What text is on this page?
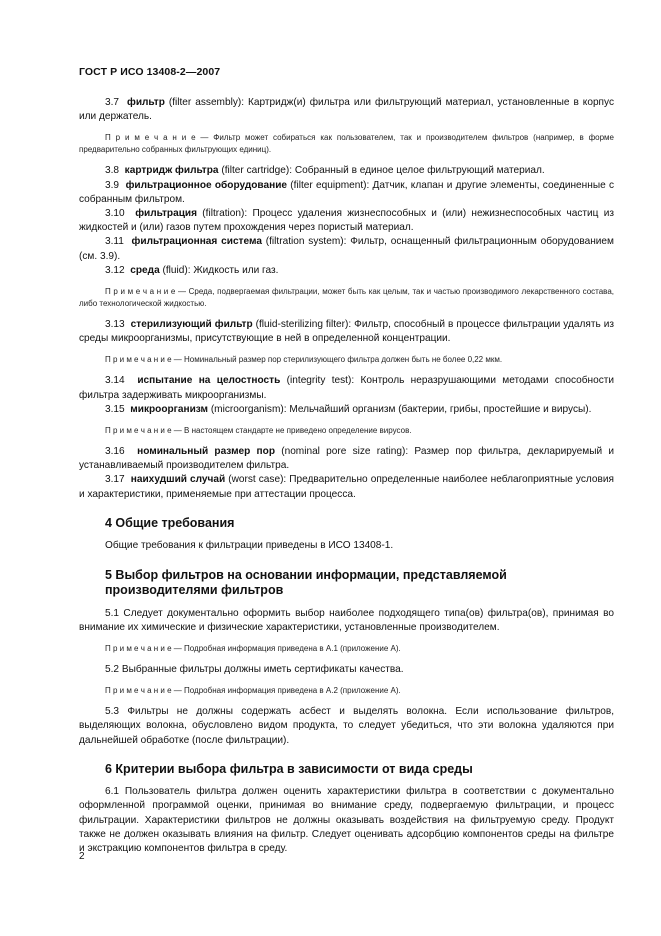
ГОСТ Р ИСО 13408-2—2007

3.7 фильтр (filter assembly): Картридж(и) фильтра или фильтрующий материал, установленные в корпус или держатель.

П р и м е ч а н и е — Фильтр может собираться как пользователем, так и производителем фильтров (например, в форме предварительно собранных фильтрующих единиц).

3.8 картридж фильтра (filter cartridge): Собранный в единое целое фильтрующий материал.

3.9 фильтрационное оборудование (filter equipment): Датчик, клапан и другие элементы, соединенные с собранным фильтром.

3.10 фильтрация (filtration): Процесс удаления жизнеспособных и (или) нежизнеспособных частиц из жидкостей и (или) газов путем прохождения через пористый материал.

3.11 фильтрационная система (filtration system): Фильтр, оснащенный фильтрационным оборудованием (см. 3.9).

3.12 среда (fluid): Жидкость или газ.

П р и м е ч а н и е — Среда, подвергаемая фильтрации, может быть как целым, так и частью производимого лекарственного состава, либо технологической жидкостью.

3.13 стерилизующий фильтр (fluid-sterilizing filter): Фильтр, способный в процессе фильтрации удалять из среды микроорганизмы, присутствующие в ней в определенной концентрации.

П р и м е ч а н и е — Номинальный размер пор стерилизующего фильтра должен быть не более 0,22 мкм.

3.14 испытание на целостность (integrity test): Контроль неразрушающими методами способности фильтра задерживать микроорганизмы.

3.15 микроорганизм (microorganism): Мельчайший организм (бактерии, грибы, простейшие и вирусы).

П р и м е ч а н и е — В настоящем стандарте не приведено определение вирусов.

3.16 номинальный размер пор (nominal pore size rating): Размер пор фильтра, декларируемый и устанавливаемый производителем фильтра.

3.17 наихудший случай (worst case): Предварительно определенные наиболее неблагоприятные условия и характеристики, применяемые при аттестации процесса.

4 Общие требования

Общие требования к фильтрации приведены в ИСО 13408-1.

5 Выбор фильтров на основании информации, представляемой производителями фильтров

5.1 Следует документально оформить выбор наиболее подходящего типа(ов) фильтра(ов), принимая во внимание их химические и физические характеристики, установленные производителем.

П р и м е ч а н и е — Подробная информация приведена в А.1 (приложение А).

5.2 Выбранные фильтры должны иметь сертификаты качества.

П р и м е ч а н и е — Подробная информация приведена в А.2 (приложение А).

5.3 Фильтры не должны содержать асбест и выделять волокна. Если использование фильтров, выделяющих волокна, обусловлено видом продукта, то следует убедиться, что эти волокна удаляются при дальнейшей обработке (после фильтрации).

6 Критерии выбора фильтра в зависимости от вида среды

6.1 Пользователь фильтра должен оценить характеристики фильтра в соответствии с документально оформленной программой оценки, принимая во внимание среду, подвергаемую фильтрации, и процесс фильтрации. Характеристики фильтров не должны оказывать воздействия на фильтруемую среду. Продукт также не должен оказывать влияния на фильтр. Следует оценивать адсорбцию компонентов среды на фильтре и экстракцию компонентов фильтра в среду.

2
